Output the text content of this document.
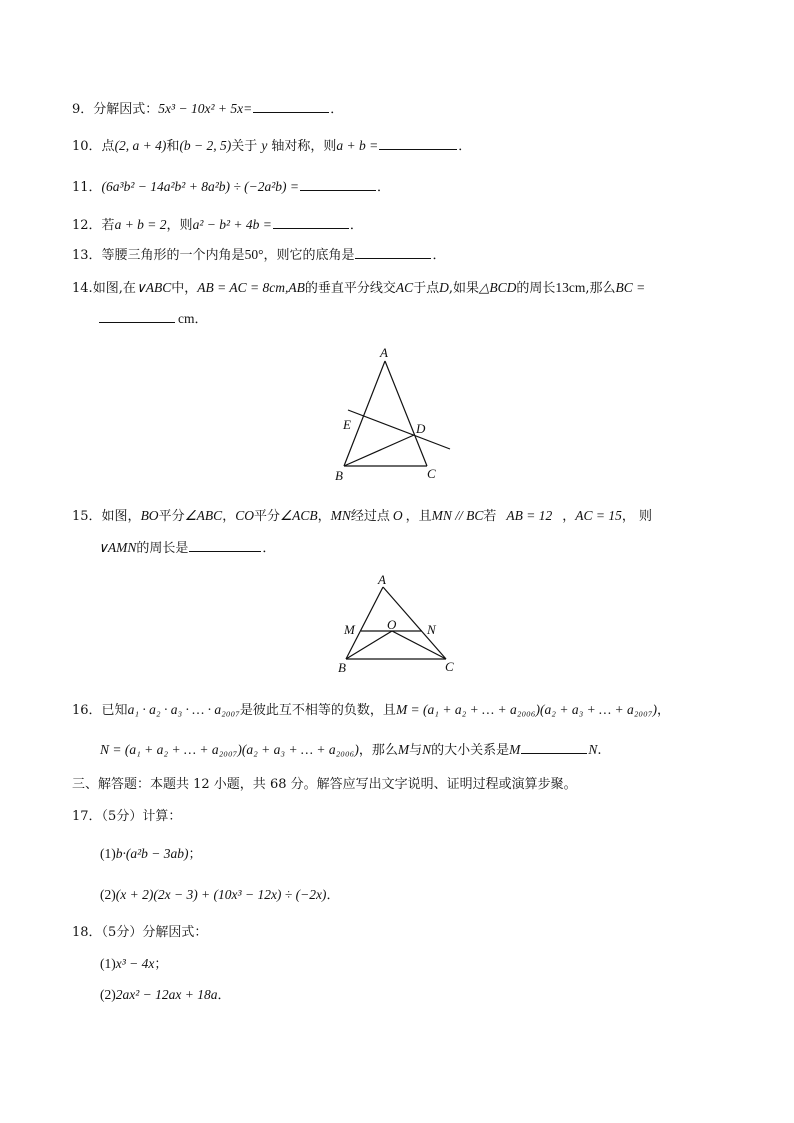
9．分解因式：5x³ − 10x² + 5x=	．
10．点(2, a + 4)和(b − 2, 5)关于 y 轴对称，则a + b =	．
11．(6a³b² − 14a²b² + 8a²b) ÷ (−2a²b) =	．
12．若a + b = 2，则a² − b² + 4b =	．
13．等腰三角形的一个内角是50°，则它的底角是	．
14.如图,在∨ABC中，AB = AC = 8cm,AB的垂直平分线交AC于点D,如果△BCD的周长13cm,那么BC =
cm．
A
E	D
B	C
15．如图，BO平分∠ABC，CO平分∠ACB，MN经过点 O ，且MN // BC若 AB = 12 ，AC = 15， 则
∨AMN的周长是	．
A
M O N
B	C
16．已知a₁ · a₂ · a₃ · … · a₂₀₀₇是彼此互不相等的负数，且M = (a₁ + a₂ + … + a₂₀₀₆)(a₂ + a₃ + … + a₂₀₀₇)，
N = (a₁ + a₂ + … + a₂₀₀₇)(a₂ + a₃ + … + a₂₀₀₆)，那么M与N的大小关系是M	N.
三、解答题：本题共 12 小题，共 68 分。解答应写出文字说明、证明过程或演算步聚。
17．（5分）计算：
(1)b·(a²b − 3ab)；
(2)(x + 2)(2x − 3) + (10x³ − 12x) ÷ (−2x)．
18．（5分）分解因式：
(1)x³ − 4x；
(2)2ax² − 12ax + 18a．
